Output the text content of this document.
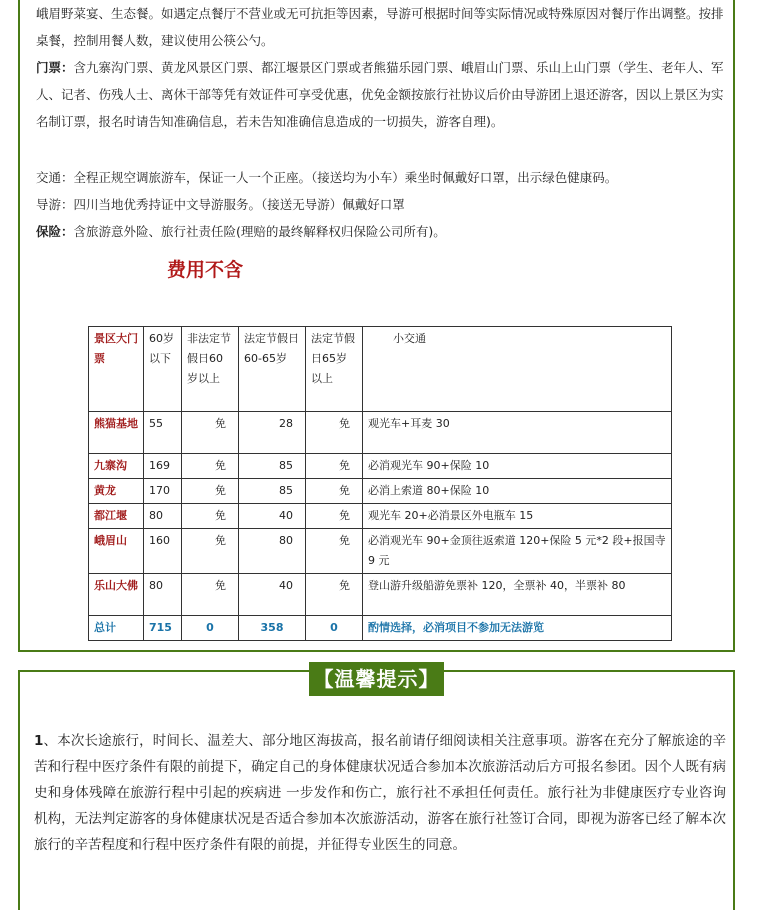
峨眉野菜宴、生态餐。如遇定点餐厅不营业或无可抗拒等因素，导游可根据时间等实际情况或特殊原因对餐厅作出调整。按排桌餐，控制用餐人数，建议使用公筷公勺。

门票：含九寨沟门票、黄龙风景区门票、都江堰景区门票或者熊猫乐园门票、峨眉山门票、乐山上山门票（学生、老年人、军人、记者、伤残人士、离休干部等凭有效证件可享受优惠，优免金额按旅行社协议后价由导游团上退还游客，因以上景区为实名制订票，报名时请告知准确信息，若未告知准确信息造成的一切损失，游客自理)。

交通：全程正规空调旅游车，保证一人一个正座。（接送均为小车）乘坐时佩戴好口罩，出示绿色健康码。

导游：四川当地优秀持证中文导游服务。（接送无导游）佩戴好口罩

保险：含旅游意外险、旅行社责任险(理赔的最终解释权归保险公司所有)。

费用不含
景区大门票	60岁以下	非法定节假日60岁以上	法定节假日60-65岁	法定节假日65岁以上	小交通
熊猫基地	55	免	28	免	观光车+耳麦 30
九寨沟	169	免	85	免	必消观光车 90+保险 10
黄龙	170	免	85	免	必消上索道 80+保险 10
都江堰	80	免	40	免	观光车 20+必消景区外电瓶车 15
峨眉山	160	免	80	免	必消观光车 90+金顶往返索道 120+保险 5 元*2 段+报国寺 9 元
乐山大佛	80	免	40	免	登山游升级船游免票补 120，全票补 40，半票补 80
总计	715	0	358	0	酌情选择，必消项目不参加无法游览
【温馨提示】

1、本次长途旅行，时间长、温差大、部分地区海拔高，报名前请仔细阅读相关注意事项。游客在充分了解旅途的辛苦和行程中医疗条件有限的前提下，确定自己的身体健康状况适合参加本次旅游活动后方可报名参团。因个人既有病史和身体残障在旅游行程中引起的疾病进 一步发作和伤亡，旅行社不承担任何责任。旅行社为非健康医疗专业咨询机构，无法判定游客的身体健康状况是否适合参加本次旅游活动，游客在旅行社签订合同，即视为游客已经了解本次旅行的辛苦程度和行程中医疗条件有限的前提，并征得专业医生的同意。
